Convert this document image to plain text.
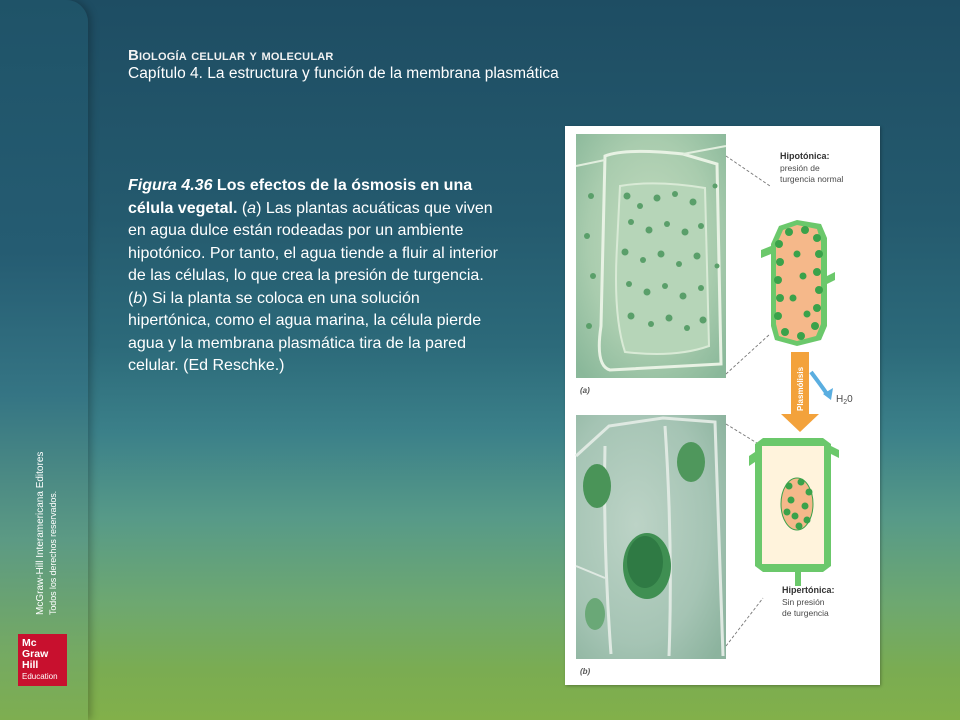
McGraw-Hill Interamericana Editores Todos los derechos reservados.
Mc
Graw
Hill
Education
Biología celular y molecular
Capítulo 4. La estructura y función de la membrana plasmática
Figura 4.36 Los efectos de la ósmosis en una célula vegetal. (a) Las plantas acuáticas que viven en agua dulce están rodeadas por un ambiente hipotónico. Por tanto, el agua tiende a fluir al interior de las células, lo que crea la presión de turgencia. (b) Si la planta se coloca en una solución hipertónica, como el agua marina, la célula pierde agua y la membrana plasmática tira de la pared celular. (Ed Reschke.)
(a)
(b)
Plasmólisis	$H_20$
Hipotónica:
presión de
turgencia normal
Hipertónica:
Sin presión
de turgencia
